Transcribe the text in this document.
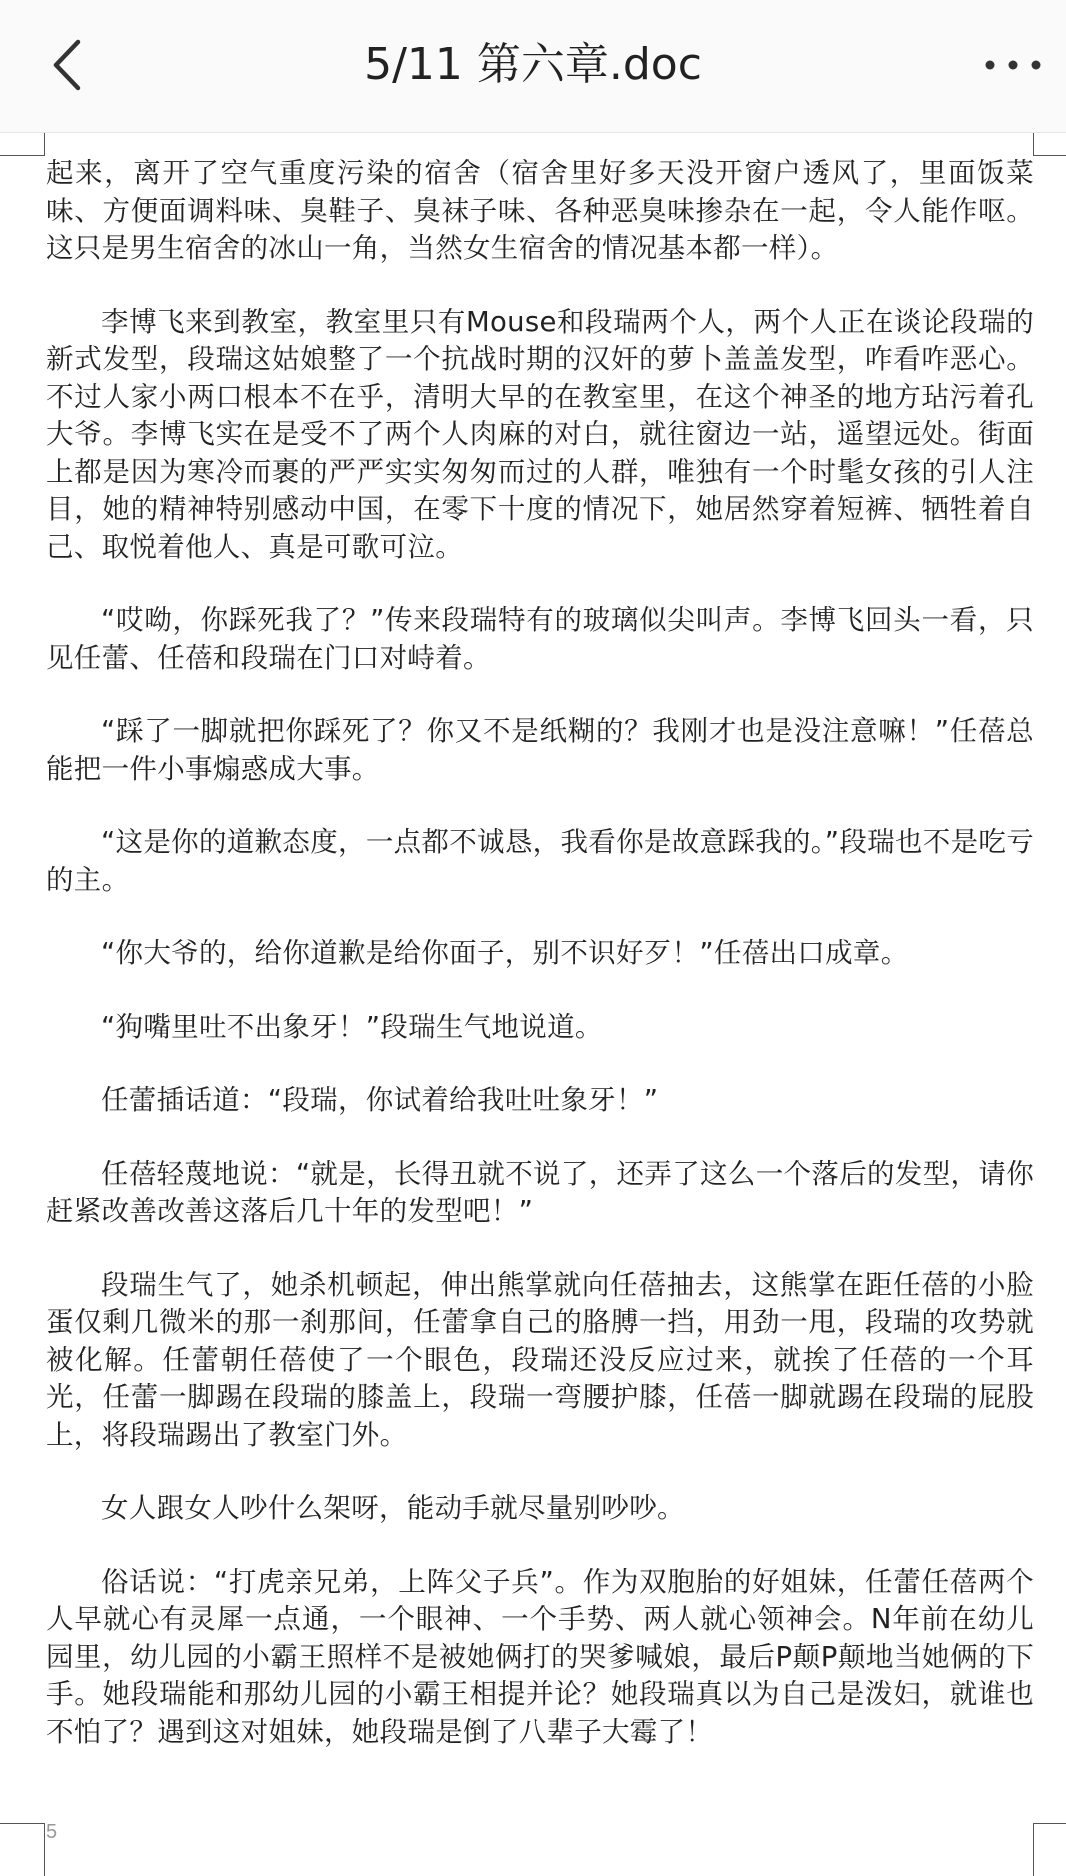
5/11 第六章.doc

起来，离开了空气重度污染的宿舍（宿舍里好多天没开窗户透风了，里面饭菜味、方便面调料味、臭鞋子、臭袜子味、各种恶臭味掺杂在一起，令人能作呕。这只是男生宿舍的冰山一角，当然女生宿舍的情况基本都一样）。

李博飞来到教室，教室里只有Mouse和段瑞两个人，两个人正在谈论段瑞的新式发型，段瑞这姑娘整了一个抗战时期的汉奸的萝卜盖盖发型，咋看咋恶心。不过人家小两口根本不在乎，清明大早的在教室里，在这个神圣的地方玷污着孔大爷。李博飞实在是受不了两个人肉麻的对白，就往窗边一站，遥望远处。街面上都是因为寒冷而裹的严严实实匆匆而过的人群，唯独有一个时髦女孩的引人注目，她的精神特别感动中国，在零下十度的情况下，她居然穿着短裤、牺牲着自己、取悦着他人、真是可歌可泣。

“哎呦，你踩死我了？”传来段瑞特有的玻璃似尖叫声。李博飞回头一看，只见任蕾、任蓓和段瑞在门口对峙着。

“踩了一脚就把你踩死了？你又不是纸糊的？我刚才也是没注意嘛！”任蓓总能把一件小事煽惑成大事。

“这是你的道歉态度，一点都不诚恳，我看你是故意踩我的。”段瑞也不是吃亏的主。

“你大爷的，给你道歉是给你面子，别不识好歹！”任蓓出口成章。

“狗嘴里吐不出象牙！”段瑞生气地说道。

任蕾插话道：“段瑞，你试着给我吐吐象牙！”

任蓓轻蔑地说：“就是，长得丑就不说了，还弄了这么一个落后的发型，请你赶紧改善改善这落后几十年的发型吧！”

段瑞生气了，她杀机顿起，伸出熊掌就向任蓓抽去，这熊掌在距任蓓的小脸蛋仅剩几微米的那一刹那间，任蕾拿自己的胳膊一挡，用劲一甩，段瑞的攻势就被化解。任蕾朝任蓓使了一个眼色，段瑞还没反应过来，就挨了任蓓的一个耳光，任蕾一脚踢在段瑞的膝盖上，段瑞一弯腰护膝，任蓓一脚就踢在段瑞的屁股上，将段瑞踢出了教室门外。

女人跟女人吵什么架呀，能动手就尽量别吵吵。

俗话说：“打虎亲兄弟，上阵父子兵”。作为双胞胎的好姐妹，任蕾任蓓两个人早就心有灵犀一点通，一个眼神、一个手势、两人就心领神会。N年前在幼儿园里，幼儿园的小霸王照样不是被她俩打的哭爹喊娘，最后P颠P颠地当她俩的下手。她段瑞能和那幼儿园的小霸王相提并论？她段瑞真以为自己是泼妇，就谁也不怕了？遇到这对姐妹，她段瑞是倒了八辈子大霉了！

5
